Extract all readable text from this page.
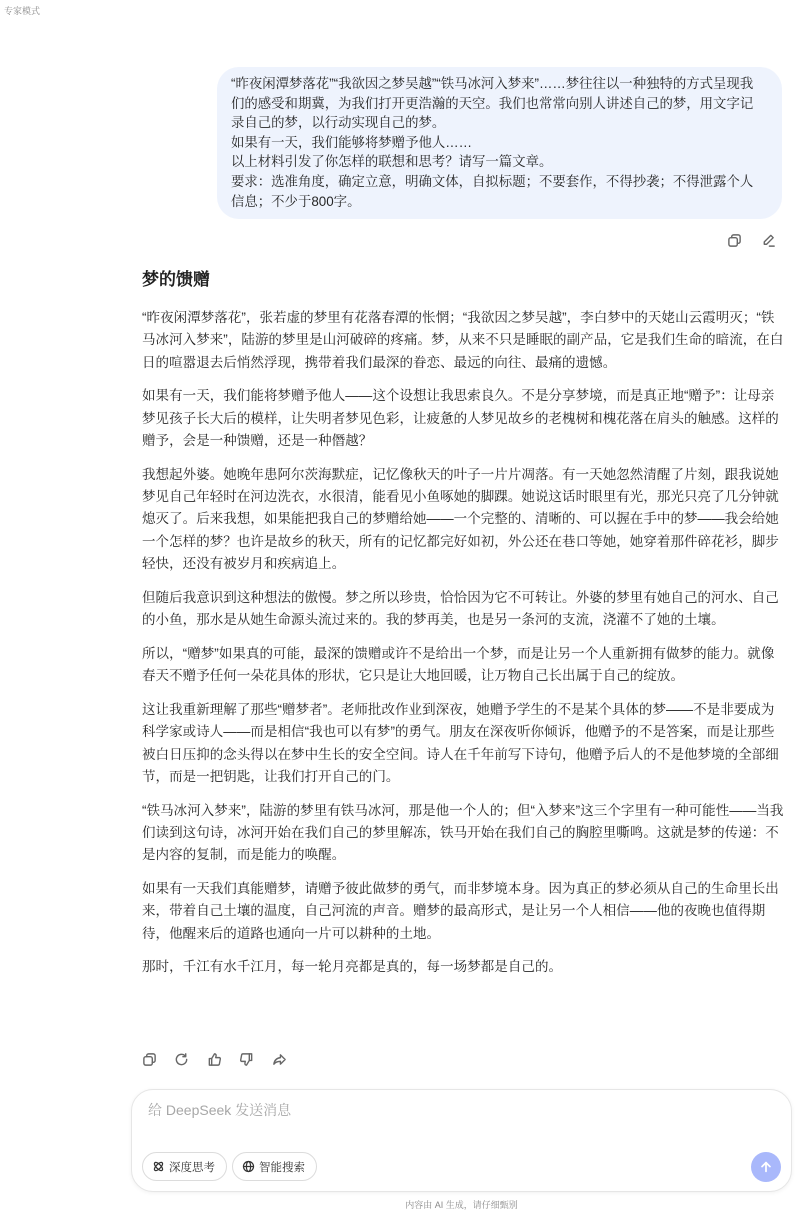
专家模式

“昨夜闲潭梦落花”“我欲因之梦吴越”“铁马冰河入梦来”……梦往往以一种独特的方式呈现我们的感受和期冀，为我们打开更浩瀚的天空。我们也常常向别人讲述自己的梦，用文字记录自己的梦，以行动实现自己的梦。

如果有一天，我们能够将梦赠予他人……

以上材料引发了你怎样的联想和思考？请写一篇文章。

要求：选准角度，确定立意，明确文体，自拟标题；不要套作，不得抄袭；不得泄露个人信息；不少于800字。

梦的馈赠

“昨夜闲潭梦落花”，张若虚的梦里有花落春潭的怅惘；“我欲因之梦吴越”，李白梦中的天姥山云霞明灭；“铁马冰河入梦来”，陆游的梦里是山河破碎的疼痛。梦，从来不只是睡眠的副产品，它是我们生命的暗流，在白日的喧嚣退去后悄然浮现，携带着我们最深的眷恋、最远的向往、最痛的遗憾。

如果有一天，我们能将梦赠予他人——这个设想让我思索良久。不是分享梦境，而是真正地“赠予”：让母亲梦见孩子长大后的模样，让失明者梦见色彩，让疲惫的人梦见故乡的老槐树和槐花落在肩头的触感。这样的赠予，会是一种馈赠，还是一种僭越？

我想起外婆。她晚年患阿尔茨海默症，记忆像秋天的叶子一片片凋落。有一天她忽然清醒了片刻，跟我说她梦见自己年轻时在河边洗衣，水很清，能看见小鱼啄她的脚踝。她说这话时眼里有光，那光只亮了几分钟就熄灭了。后来我想，如果能把我自己的梦赠给她——一个完整的、清晰的、可以握在手中的梦——我会给她一个怎样的梦？也许是故乡的秋天，所有的记忆都完好如初，外公还在巷口等她，她穿着那件碎花衫，脚步轻快，还没有被岁月和疾病追上。

但随后我意识到这种想法的傲慢。梦之所以珍贵，恰恰因为它不可转让。外婆的梦里有她自己的河水、自己的小鱼，那水是从她生命源头流过来的。我的梦再美，也是另一条河的支流，浇灌不了她的土壤。

所以，“赠梦”如果真的可能，最深的馈赠或许不是给出一个梦，而是让另一个人重新拥有做梦的能力。就像春天不赠予任何一朵花具体的形状，它只是让大地回暖，让万物自己长出属于自己的绽放。

这让我重新理解了那些“赠梦者”。老师批改作业到深夜，她赠予学生的不是某个具体的梦——不是非要成为科学家或诗人——而是相信“我也可以有梦”的勇气。朋友在深夜听你倾诉，他赠予的不是答案，而是让那些被白日压抑的念头得以在梦中生长的安全空间。诗人在千年前写下诗句，他赠予后人的不是他梦境的全部细节，而是一把钥匙，让我们打开自己的门。

“铁马冰河入梦来”，陆游的梦里有铁马冰河，那是他一个人的；但“入梦来”这三个字里有一种可能性——当我们读到这句诗，冰河开始在我们自己的梦里解冻，铁马开始在我们自己的胸腔里嘶鸣。这就是梦的传递：不是内容的复制，而是能力的唤醒。

如果有一天我们真能赠梦，请赠予彼此做梦的勇气，而非梦境本身。因为真正的梦必须从自己的生命里长出来，带着自己土壤的温度，自己河流的声音。赠梦的最高形式，是让另一个人相信——他的夜晚也值得期待，他醒来后的道路也通向一片可以耕种的土地。

那时，千江有水千江月，每一轮月亮都是真的，每一场梦都是自己的。

给 DeepSeek 发送消息
深度思考	智能搜索
内容由 AI 生成，请仔细甄别
